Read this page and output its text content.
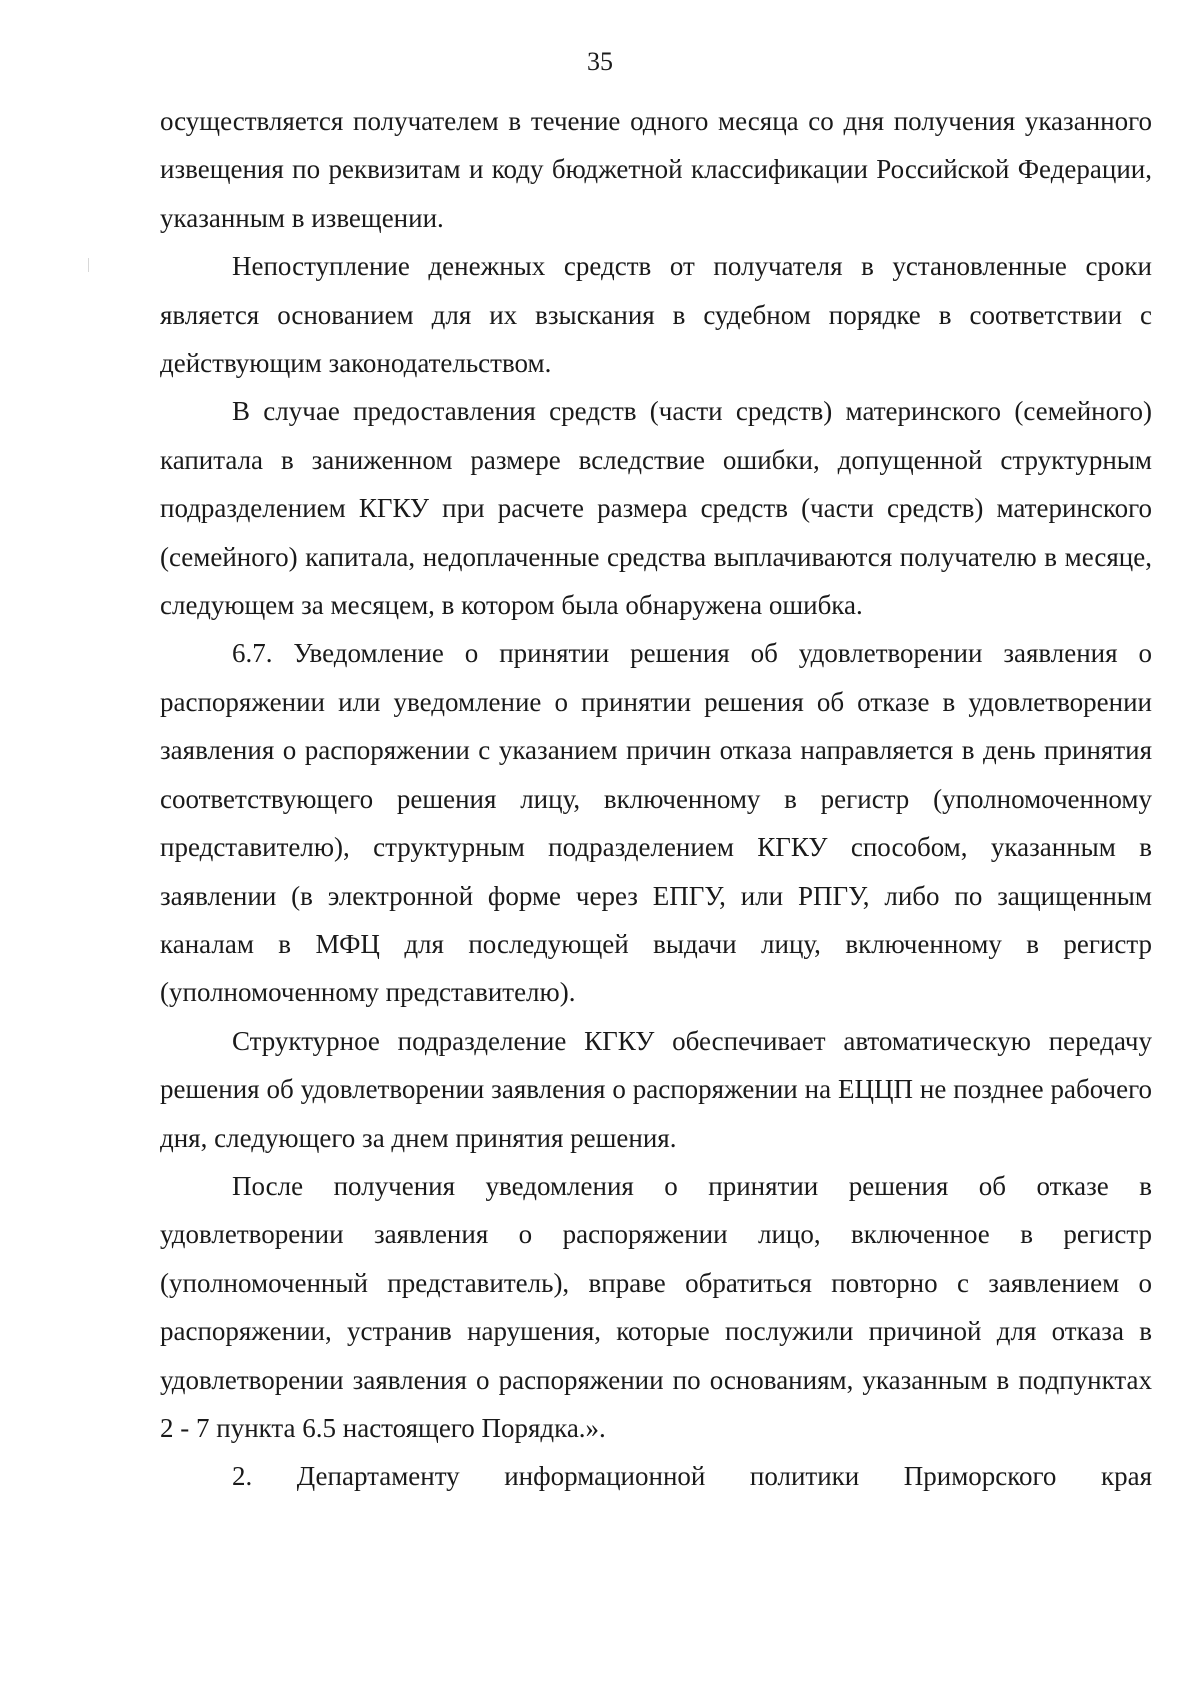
35

осуществляется получателем в течение одного месяца со дня получения указанного извещения по реквизитам и коду бюджетной классификации Российской Федерации, указанным в извещении.

Непоступление денежных средств от получателя в установленные сроки является основанием для их взыскания в судебном порядке в соответствии с действующим законодательством.

В случае предоставления средств (части средств) материнского (семейного) капитала в заниженном размере вследствие ошибки, допущенной структурным подразделением КГКУ при расчете размера средств (части средств) материнского (семейного) капитала, недоплаченные средства выплачиваются получателю в месяце, следующем за месяцем, в котором была обнаружена ошибка.

6.7. Уведомление о принятии решения об удовлетворении заявления о распоряжении или уведомление о принятии решения об отказе в удовлетворении заявления о распоряжении с указанием причин отказа направляется в день принятия соответствующего решения лицу, включенному в регистр (уполномоченному представителю), структурным подразделением КГКУ способом, указанным в заявлении (в электронной форме через ЕПГУ, или РПГУ, либо по защищенным каналам в МФЦ для последующей выдачи лицу, включенному в регистр (уполномоченному представителю).

Структурное подразделение КГКУ обеспечивает автоматическую передачу решения об удовлетворении заявления о распоряжении на ЕЦЦП не позднее рабочего дня, следующего за днем принятия решения.

После получения уведомления о принятии решения об отказе в удовлетворении заявления о распоряжении лицо, включенное в регистр (уполномоченный представитель), вправе обратиться повторно с заявлением о распоряжении, устранив нарушения, которые послужили причиной для отказа в удовлетворении заявления о распоряжении по основаниям, указанным в подпунктах 2 - 7 пункта 6.5 настоящего Порядка.».

2. Департаменту информационной политики Приморского края
